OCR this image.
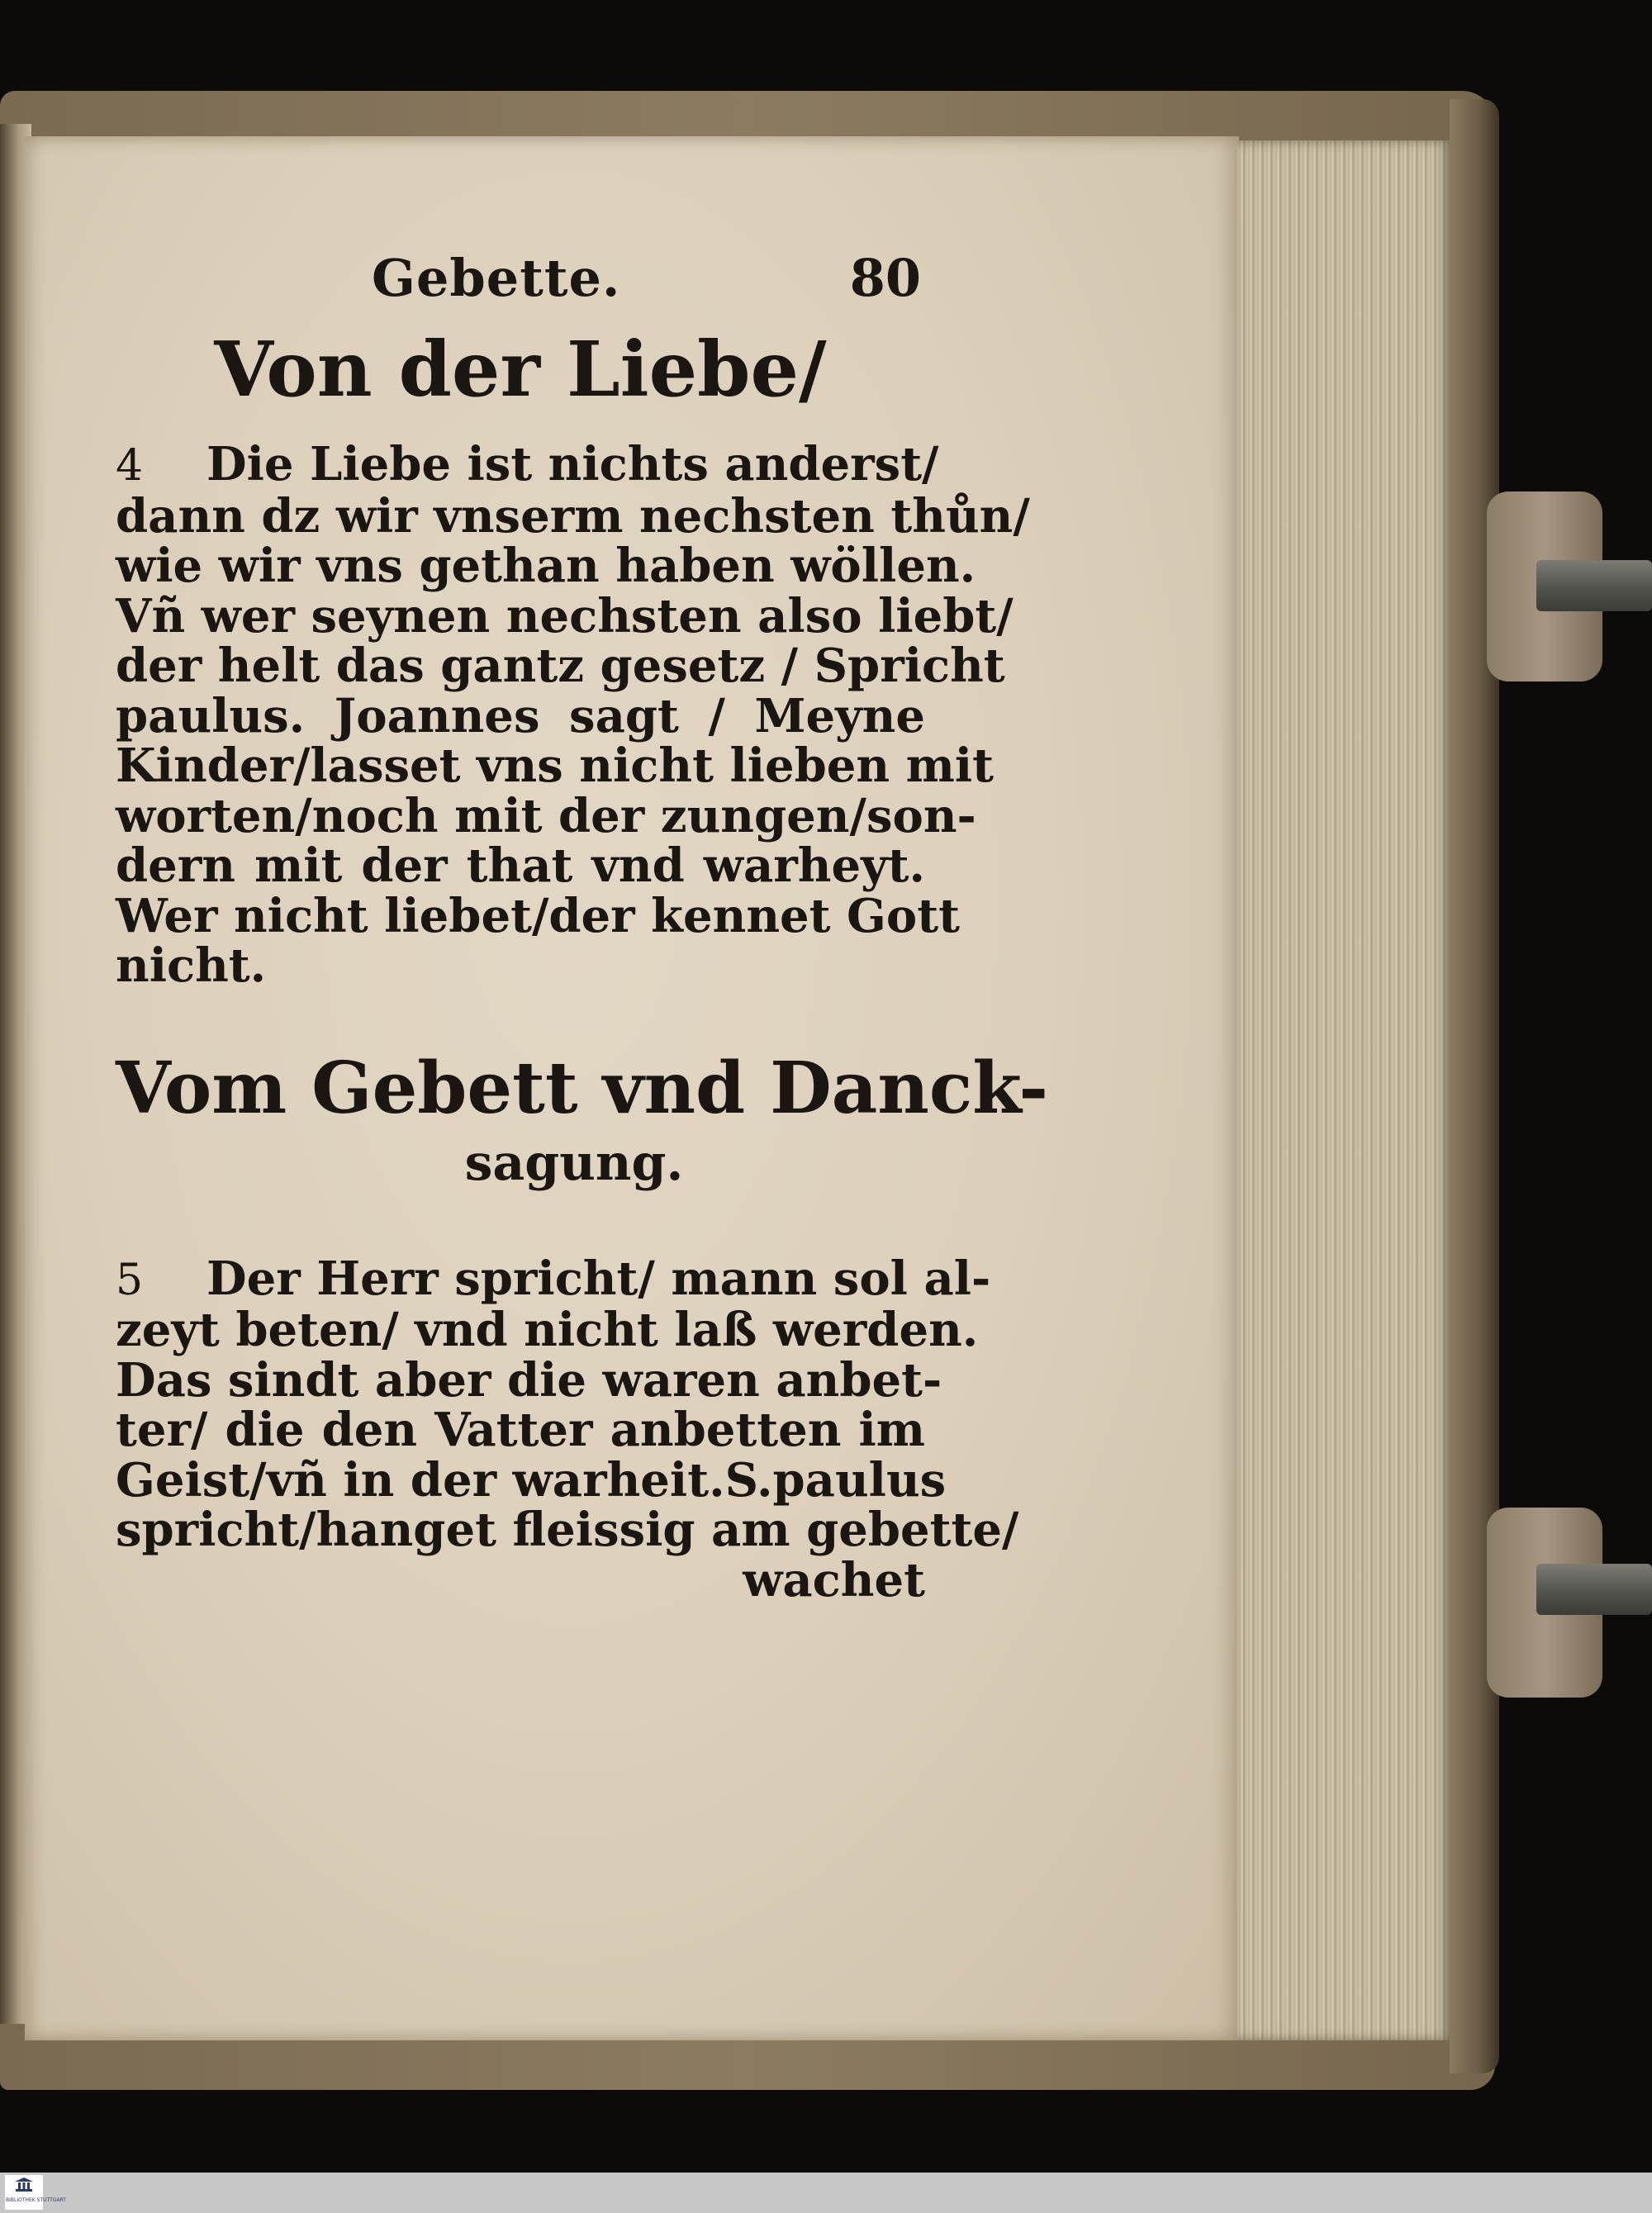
Gebette.	80
Von der Liebe/
4 Die Liebe ist nichts anderst/
dann dz wir vnserm nechsten thůn/
wie wir vns gethan haben wöllen.
Vñ wer seynen nechsten also liebt/
der helt das gantz gesetz / Spricht
paulus. Joannes sagt / Meyne
Kinder/lasset vns nicht lieben mit
worten/noch mit der zungen/son-
dern mit der that vnd warheyt.
Wer nicht liebet/der kennet Gott
nicht.
Vom Gebett vnd Danck-
sagung.
5 Der Herr spricht/ mann sol al-
zeyt beten/ vnd nicht laß werden.
Das sindt aber die waren anbet-
ter/ die den Vatter anbetten im
Geist/vñ in der warheit.S.paulus
spricht/hanget fleissig am gebette/
wachet
BIBLIOTHEK STUTTGART
